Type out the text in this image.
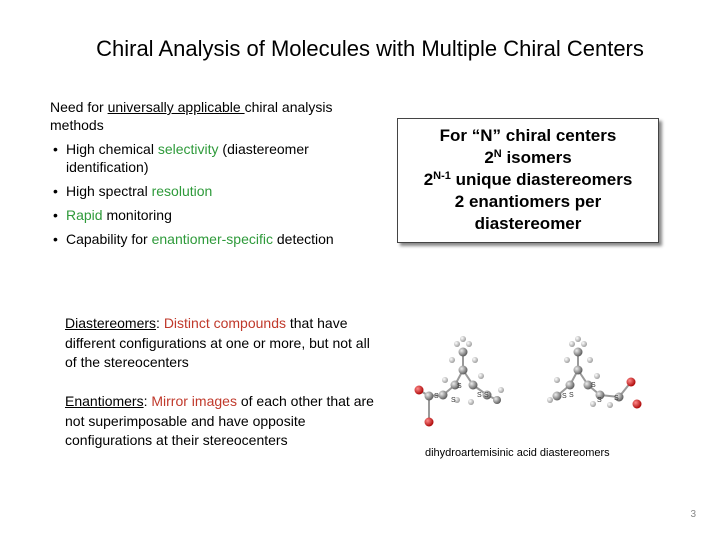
Chiral Analysis of Molecules with Multiple Chiral Centers
Need for universally applicable chiral analysis methods
• High chemical selectivity (diastereomer identification)
• High spectral resolution
• Rapid monitoring
• Capability for enantiomer-specific detection
For “N” chiral centers
$2^N$ isomers
$2^{N-1}$ unique diastereomers
2 enantiomers per
diastereomer
Diastereomers: Distinct compounds that have different configurations at one or more, but not all of the stereocenters
Enantiomers: Mirror images of each other that are not superimposable and have opposite configurations at their stereocenters
S
S
S
S S	S S
S
S S
dihydroartemisinic acid diastereomers
3
